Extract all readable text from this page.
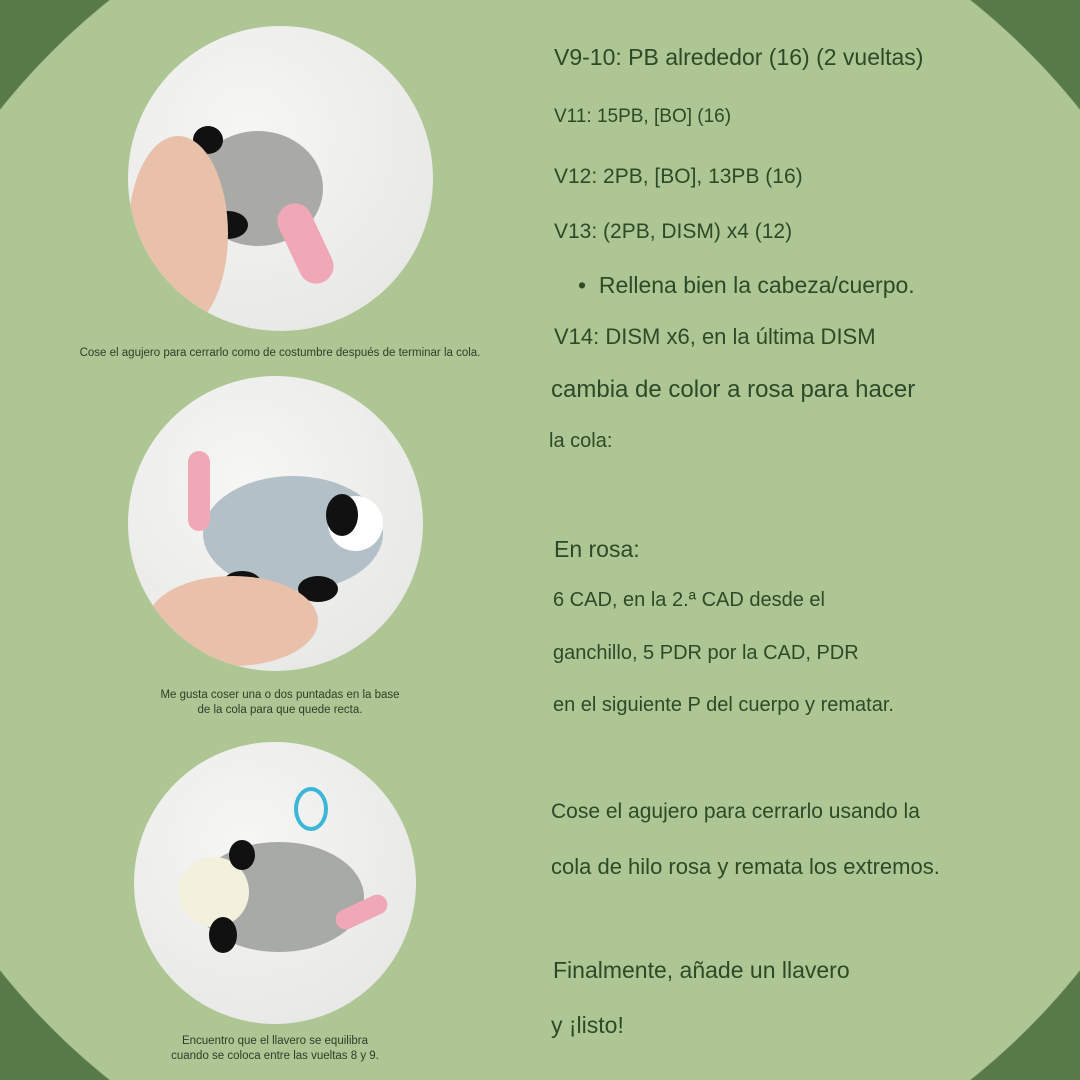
Cose el agujero para cerrarlo como de costumbre después de terminar la cola.
Me gusta coser una o dos puntadas en la base
de la cola para que quede recta.
Encuentro que el llavero se equilibra
cuando se coloca entre las vueltas 8 y 9.
V9-10: PB alrededor (16) (2 vueltas)
V11: 15PB, [BO] (16)
V12: 2PB, [BO], 13PB (16)
V13: (2PB, DISM) x4 (12)
•  Rellena bien la cabeza/cuerpo.
V14: DISM x6, en la última DISM
cambia de color a rosa para hacer
la cola:
En rosa:
6 CAD, en la 2.ª CAD desde el
ganchillo, 5 PDR por la CAD, PDR
en el siguiente P del cuerpo y rematar.
Cose el agujero para cerrarlo usando la
cola de hilo rosa y remata los extremos.
Finalmente, añade un llavero
y ¡listo!
